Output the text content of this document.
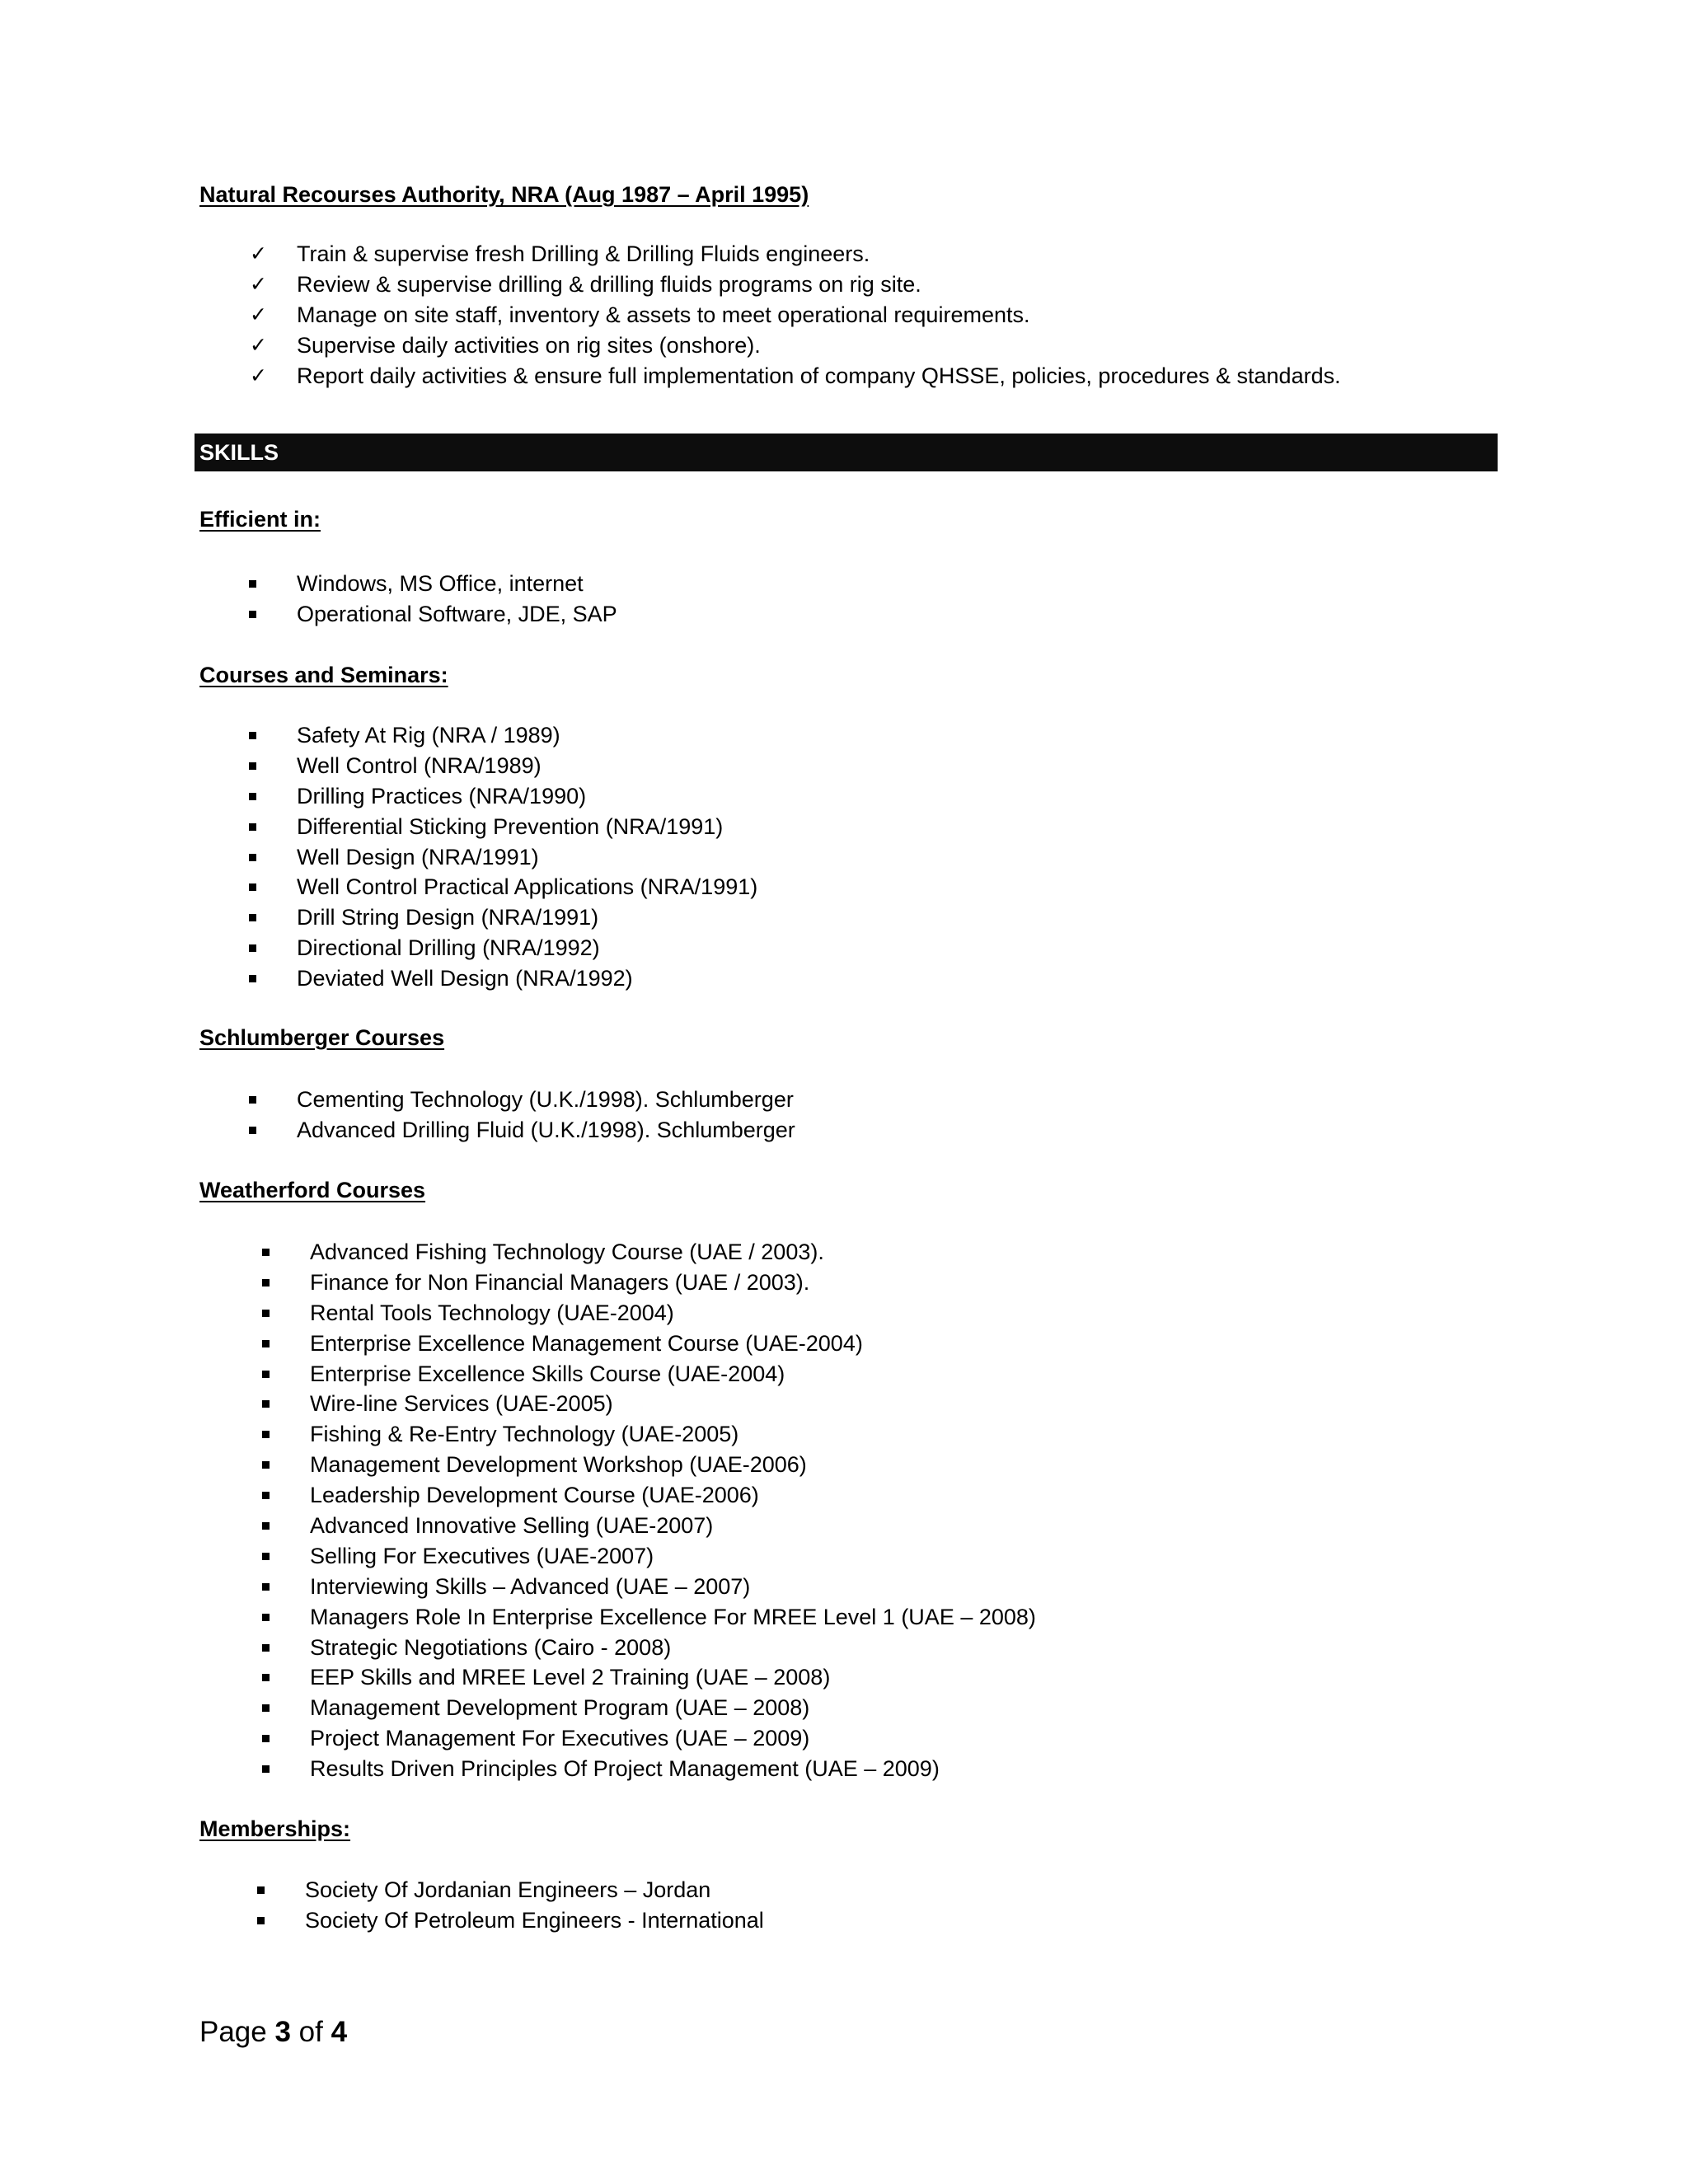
Natural Recourses Authority, NRA (Aug 1987 – April 1995)
✓ Train & supervise fresh Drilling & Drilling Fluids engineers.
✓ Review & supervise drilling & drilling fluids programs on rig site.
✓ Manage on site staff, inventory & assets to meet operational requirements.
✓ Supervise daily activities on rig sites (onshore).
✓ Report daily activities & ensure full implementation of company QHSSE, policies, procedures & standards.
SKILLS
Efficient in:
Windows, MS Office, internet
Operational Software, JDE, SAP
Courses and Seminars:
Safety At Rig (NRA / 1989)
Well Control (NRA/1989)
Drilling Practices (NRA/1990)
Differential Sticking Prevention (NRA/1991)
Well Design (NRA/1991)
Well Control Practical Applications (NRA/1991)
Drill String Design (NRA/1991)
Directional Drilling (NRA/1992)
Deviated Well Design (NRA/1992)
Schlumberger Courses
Cementing Technology (U.K./1998). Schlumberger
Advanced Drilling Fluid (U.K./1998). Schlumberger
Weatherford Courses
Advanced Fishing Technology Course (UAE / 2003).
Finance for Non Financial Managers (UAE / 2003).
Rental Tools Technology (UAE-2004)
Enterprise Excellence Management Course (UAE-2004)
Enterprise Excellence Skills Course (UAE-2004)
Wire-line Services (UAE-2005)
Fishing & Re-Entry Technology (UAE-2005)
Management Development Workshop (UAE-2006)
Leadership Development Course (UAE-2006)
Advanced Innovative Selling (UAE-2007)
Selling For Executives (UAE-2007)
Interviewing Skills – Advanced (UAE – 2007)
Managers Role In Enterprise Excellence For MREE Level 1 (UAE – 2008)
Strategic Negotiations (Cairo - 2008)
EEP Skills and MREE Level 2 Training (UAE – 2008)
Management Development Program (UAE – 2008)
Project Management For Executives (UAE – 2009)
Results Driven Principles Of Project Management (UAE – 2009)
Memberships:
Society Of Jordanian Engineers – Jordan
Society Of Petroleum Engineers - International
Page 3 of 4
